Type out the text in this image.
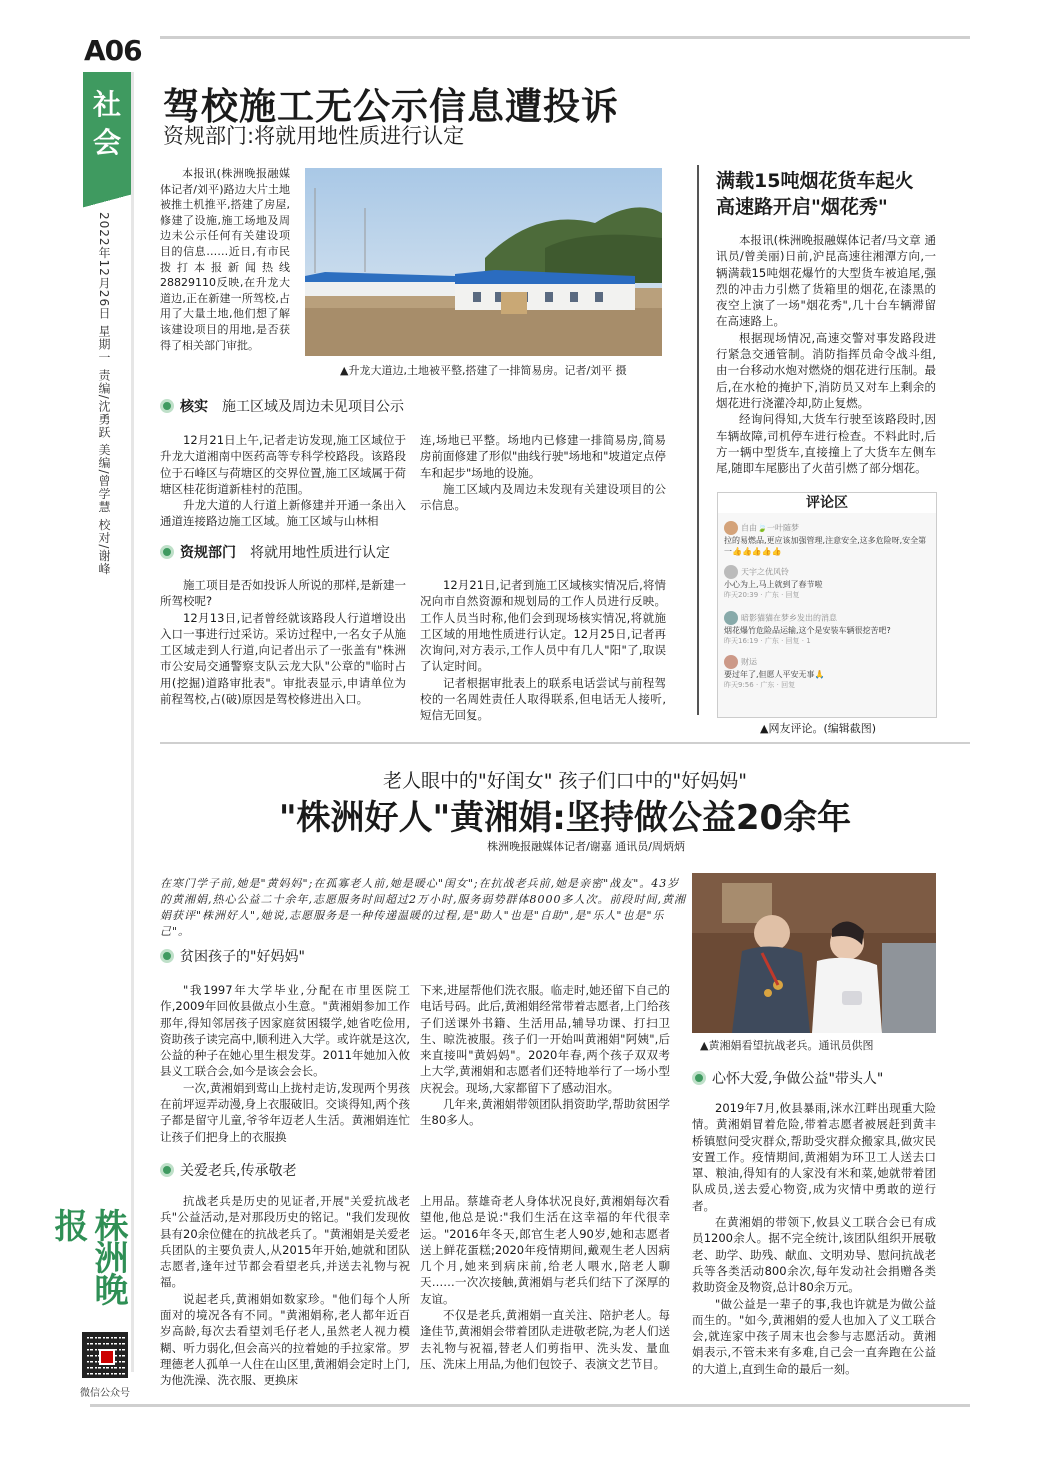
A06
社会
2022年12月26日 星期一 责编/沈勇跃 美编/曾学慧 校对/谢峰
株洲晚报
微信公众号
驾校施工无公示信息遭投诉
资规部门:将就用地性质进行认定

本报讯(株洲晚报融媒体记者/刘平)路边大片土地被推土机推平,搭建了房屋,修建了设施,施工场地及周边未公示任何有关建设项目的信息……近日,有市民拨打本报新闻热线28829110反映,在升龙大道边,正在新建一所驾校,占用了大量土地,他们想了解该建设项目的用地,是否获得了相关部门审批。

▲升龙大道边,土地被平整,搭建了一排简易房。记者/刘平 摄
核实 施工区域及周边未见项目公示

12月21日上午,记者走访发现,施工区域位于升龙大道湘南中医药高等专科学校路段。该路段位于石峰区与荷塘区的交界位置,施工区域属于荷塘区桂花街道新桂村的范围。

升龙大道的人行道上新修建并开通一条出入通道连接路边施工区域。施工区域与山林相

连,场地已平整。场地内已修建一排简易房,简易房前面修建了形似"曲线行驶"场地和"坡道定点停车和起步"场地的设施。

施工区域内及周边未发现有关建设项目的公示信息。

资规部门 将就用地性质进行认定

施工项目是否如投诉人所说的那样,是新建一所驾校呢?

12月13日,记者曾经就该路段人行道增设出入口一事进行过采访。采访过程中,一名女子从施工区域走到人行道,向记者出示了一张盖有"株洲市公安局交通警察支队云龙大队"公章的"临时占用(挖掘)道路审批表"。审批表显示,申请单位为前程驾校,占(破)原因是驾校修进出入口。

12月21日,记者到施工区域核实情况后,将情况向市自然资源和规划局的工作人员进行反映。工作人员当时称,他们会到现场核实情况,将就施工区域的用地性质进行认定。12月25日,记者再次询问,对方表示,工作人员中有几人"阳"了,取误了认定时间。

记者根据审批表上的联系电话尝试与前程驾校的一名周姓责任人取得联系,但电话无人接听,短信无回复。

满载15吨烟花货车起火
高速路开启"烟花秀"

本报讯(株洲晚报融媒体记者/马文章 通讯员/曾美丽)日前,沪昆高速往湘潭方向,一辆满载15吨烟花爆竹的大型货车被追尾,强烈的冲击力引燃了货箱里的烟花,在漆黑的夜空上演了一场"烟花秀",几十台车辆滞留在高速路上。

根据现场情况,高速交警对事发路段进行紧急交通管制。消防指挥员命令战斗组,由一台移动水炮对燃烧的烟花进行压制。最后,在水枪的掩护下,消防员又对车上剩余的烟花进行浇灌冷却,防止复燃。

经询问得知,大货车行驶至该路段时,因车辆故障,司机停车进行检查。不料此时,后方一辆中型货车,直接撞上了大货车左侧车尾,随即车尾膨出了火苗引燃了部分烟花。

评论区
自由🍃一叶随梦
拉的易燃品,更应该加强管理,注意安全,这多危险呀,安全第一👍👍👍👍👍
天宇之优风铃
小心为上,马上就到了春节啦
昨天20:39 · 广东 · 回复
暗影猫猫在梦乡发出的消息
烟花爆竹危险品运输,这个是安装车辆很挖苦吧?
昨天16:19 · 广东 · 回复 · 1
财运
要过年了,但愿人平安无事🙏
昨天9:56 · 广东 · 回复
▲网友评论。(编辑截图)
老人眼中的"好闺女" 孩子们口中的"好妈妈"
"株洲好人"黄湘娟:坚持做公益20余年
株洲晚报融媒体记者/谢嘉 通讯员/周炳炳
在寒门学子前,她是"黄妈妈";在孤寡老人前,她是暖心"闺女";在抗战老兵前,她是亲密"战友"。43岁的黄湘娟,热心公益二十余年,志愿服务时间超过2万小时,服务弱势群体8000多人次。前段时间,黄湘娟获评"株洲好人",她说,志愿服务是一种传递温暖的过程,是"助人"也是"自助",是"乐人"也是"乐己"。
▲黄湘娟看望抗战老兵。通讯员供图
贫困孩子的"好妈妈"

"我1997年大学毕业,分配在市里医院工作,2009年回攸县做点小生意。"黄湘娟参加工作那年,得知邻居孩子因家庭贫困辍学,她省吃俭用,资助孩子读完高中,顺利进入大学。或许就是这次,公益的种子在她心里生根发芽。2011年她加入攸县义工联合会,如今是该会会长。

一次,黄湘娟到莺山上拢村走访,发现两个男孩在前坪逗弄动漫,身上衣服破旧。交谈得知,两个孩子都是留守儿童,爷爷年迈老人生活。黄湘娟连忙让孩子们把身上的衣服换

下来,进屋帮他们洗衣服。临走时,她还留下自己的电话号码。此后,黄湘娟经常带着志愿者,上门给孩子们送课外书籍、生活用品,辅导功课、打扫卫生、晾洗被服。孩子们一开始叫黄湘娟"阿姨",后来直接叫"黄妈妈"。2020年春,两个孩子双双考上大学,黄湘娟和志愿者们还特地举行了一场小型庆祝会。现场,大家都留下了感动泪水。

几年来,黄湘娟带领团队捐资助学,帮助贫困学生80多人。

关爱老兵,传承敬老

抗战老兵是历史的见证者,开展"关爱抗战老兵"公益活动,是对那段历史的铭记。"我们发现攸县有20余位健在的抗战老兵了。"黄湘娟是关爱老兵团队的主要负责人,从2015年开始,她就和团队志愿者,逢年过节都会看望老兵,并送去礼物与祝福。

说起老兵,黄湘娟如数家珍。"他们每个人所面对的境况各有不同。"黄湘娟称,老人都年近百岁高龄,每次去看望刘毛仔老人,虽然老人视力模糊、听力弱化,但会高兴的拉着她的手拉家常。罗理德老人孤单一人住在山区里,黄湘娟会定时上门,为他洗澡、洗衣服、更换床

上用品。蔡雄奇老人身体状况良好,黄湘娟每次看望他,他总是说:"我们生活在这幸福的年代很幸运。"2016年冬天,郎官生老人90岁,她和志愿者送上鲜花蛋糕;2020年疫情期间,戴观生老人因病几个月,她来到病床前,给老人喂水,陪老人聊天……一次次接触,黄湘娟与老兵们结下了深厚的友谊。

不仅是老兵,黄湘娟一直关注、陪护老人。每逢佳节,黄湘娟会带着团队走进敬老院,为老人们送去礼物与祝福,替老人们剪指甲、洗头发、量血压、洗床上用品,为他们包饺子、表演文艺节目。

心怀大爱,争做公益"带头人"

2019年7月,攸县暴雨,洣水江畔出现重大险情。黄湘娟冒着危险,带着志愿者被展赶到黄丰桥镇慰问受灾群众,帮助受灾群众搬家具,做灾民安置工作。疫情期间,黄湘娟为环卫工人送去口罩、粮油,得知有的人家没有米和菜,她就带着团队成员,送去爱心物资,成为灾情中勇敢的逆行者。

在黄湘娟的带领下,攸县义工联合会已有成员1200余人。据不完全统计,该团队组织开展敬老、助学、助残、献血、文明劝导、慰问抗战老兵等各类活动800余次,每年发动社会捐赠各类救助资金及物资,总计80余万元。

"做公益是一辈子的事,我也许就是为做公益而生的。"如今,黄湘娟的爱人也加入了义工联合会,就连家中孩子周末也会参与志愿活动。黄湘娟表示,不管未来有多难,自己会一直奔跑在公益的大道上,直到生命的最后一刻。
